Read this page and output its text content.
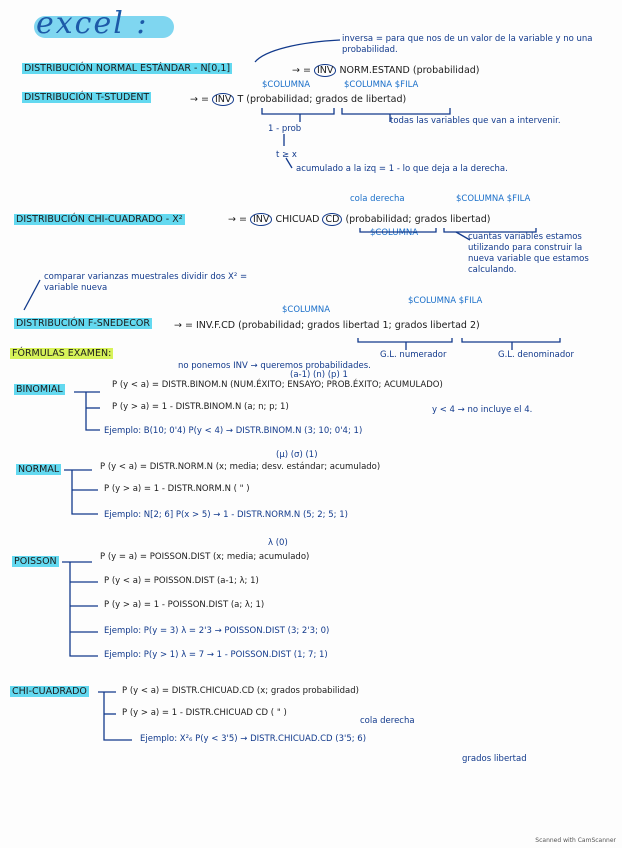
excel :	inversa = para que nos de un valor de la variable y no una probabilidad.
DISTRIBUCIÓN NORMAL ESTÁNDAR - N[0,1]	→ = INV NORM.ESTAND (probabilidad)
$COLUMNA	$COLUMNA $FILA
DISTRIBUCIÓN T-STUDENT	→ = INV T (probabilidad; grados de libertad)
1 - prob
todas las variables que van a intervenir.
t ≥ x
acumulado a la izq = 1 - lo que deja a la derecha.
cola derecha	$COLUMNA $FILA
DISTRIBUCIÓN CHI-CUADRADO - X²	→ = INV CHICUAD CD (probabilidad; grados libertad)
$COLUMNA	cuantas variables estamos utilizando para construir la nueva variable que estamos calculando.
comparar varianzas muestrales dividir dos X² = variable nueva
$COLUMNA $FILA
$COLUMNA
DISTRIBUCIÓN F-SNEDECOR	→ = INV.F.CD (probabilidad; grados libertad 1; grados libertad 2)
G.L. numerador	G.L. denominador
FÓRMULAS EXAMEN:
no ponemos INV → queremos probabilidades.
(a-1) (n) (p) 1
BINOMIAL	P (y < a) = DISTR.BINOM.N (NUM.ÉXITO; ENSAYO; PROB.ÉXITO; ACUMULADO)
P (y > a) = 1 - DISTR.BINOM.N (a; n; p; 1)	y < 4 → no incluye el 4.
Ejemplo: B(10; 0'4) P(y < 4) → DISTR.BINOM.N (3; 10; 0'4; 1)
(μ) (σ) (1)
NORMAL	P (y < a) = DISTR.NORM.N (x; media; desv. estándar; acumulado)
P (y > a) = 1 - DISTR.NORM.N ( " )
Ejemplo: N[2; 6] P(x > 5) → 1 - DISTR.NORM.N (5; 2; 5; 1)
λ (0)
POISSON	P (y = a) = POISSON.DIST (x; media; acumulado)
P (y < a) = POISSON.DIST (a-1; λ; 1)
P (y > a) = 1 - POISSON.DIST (a; λ; 1)
Ejemplo: P(y = 3) λ = 2'3 → POISSON.DIST (3; 2'3; 0)
Ejemplo: P(y > 1) λ = 7 → 1 - POISSON.DIST (1; 7; 1)
CHI-CUADRADO	P (y < a) = DISTR.CHICUAD.CD (x; grados probabilidad)
P (y > a) = 1 - DISTR.CHICUAD CD ( " )
cola derecha
Ejemplo: X²₆ P(y < 3'5) → DISTR.CHICUAD.CD (3'5; 6)
grados libertad
Scanned with CamScanner
